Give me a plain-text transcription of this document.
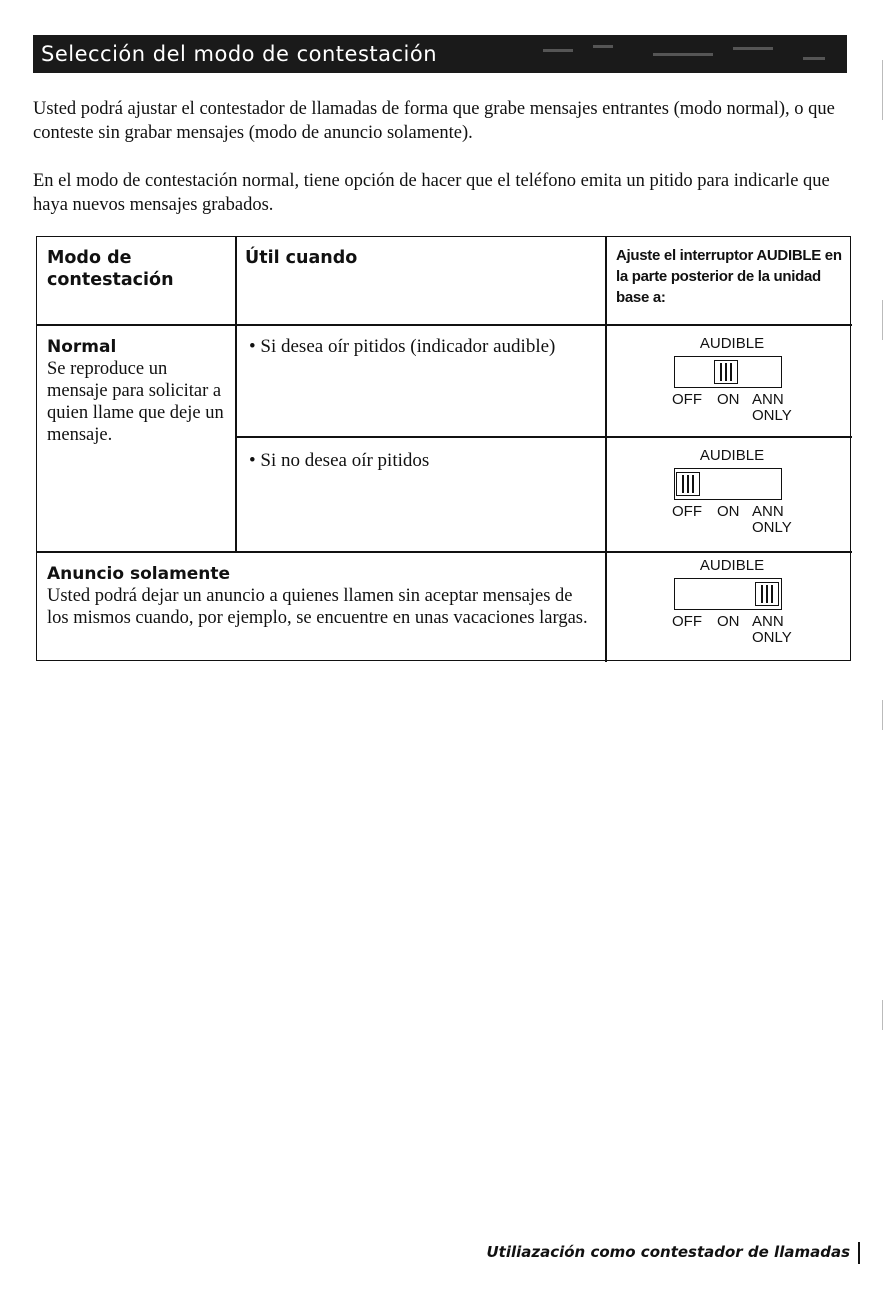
Selección del modo de contestación
Usted podrá ajustar el contestador de llamadas de forma que grabe mensajes entrantes (modo normal), o que conteste sin grabar mensajes (modo de anuncio solamente).
En el modo de contestación normal, tiene opción de hacer que el teléfono emita un pitido para indicarle que haya nuevos mensajes grabados.
Modo de contestación
Útil cuando	Ajuste el interruptor AUDIBLE en la parte posterior de la unidad base a:
Normal
Se reproduce un mensaje para solicitar a quien llame que deje un mensaje.
• Si desea oír pitidos (indicador audible)
• Si no desea oír pitidos
AUDIBLE
OFF ON ANN
ONLY
AUDIBLE
OFF ON ANN
ONLY
Anuncio solamente
Usted podrá dejar un anuncio a quienes llamen sin aceptar mensajes de los mismos cuando, por ejemplo, se encuentre en unas vacaciones largas.
AUDIBLE
OFF ON ANN
ONLY
Utiliazación como contestador de llamadas
